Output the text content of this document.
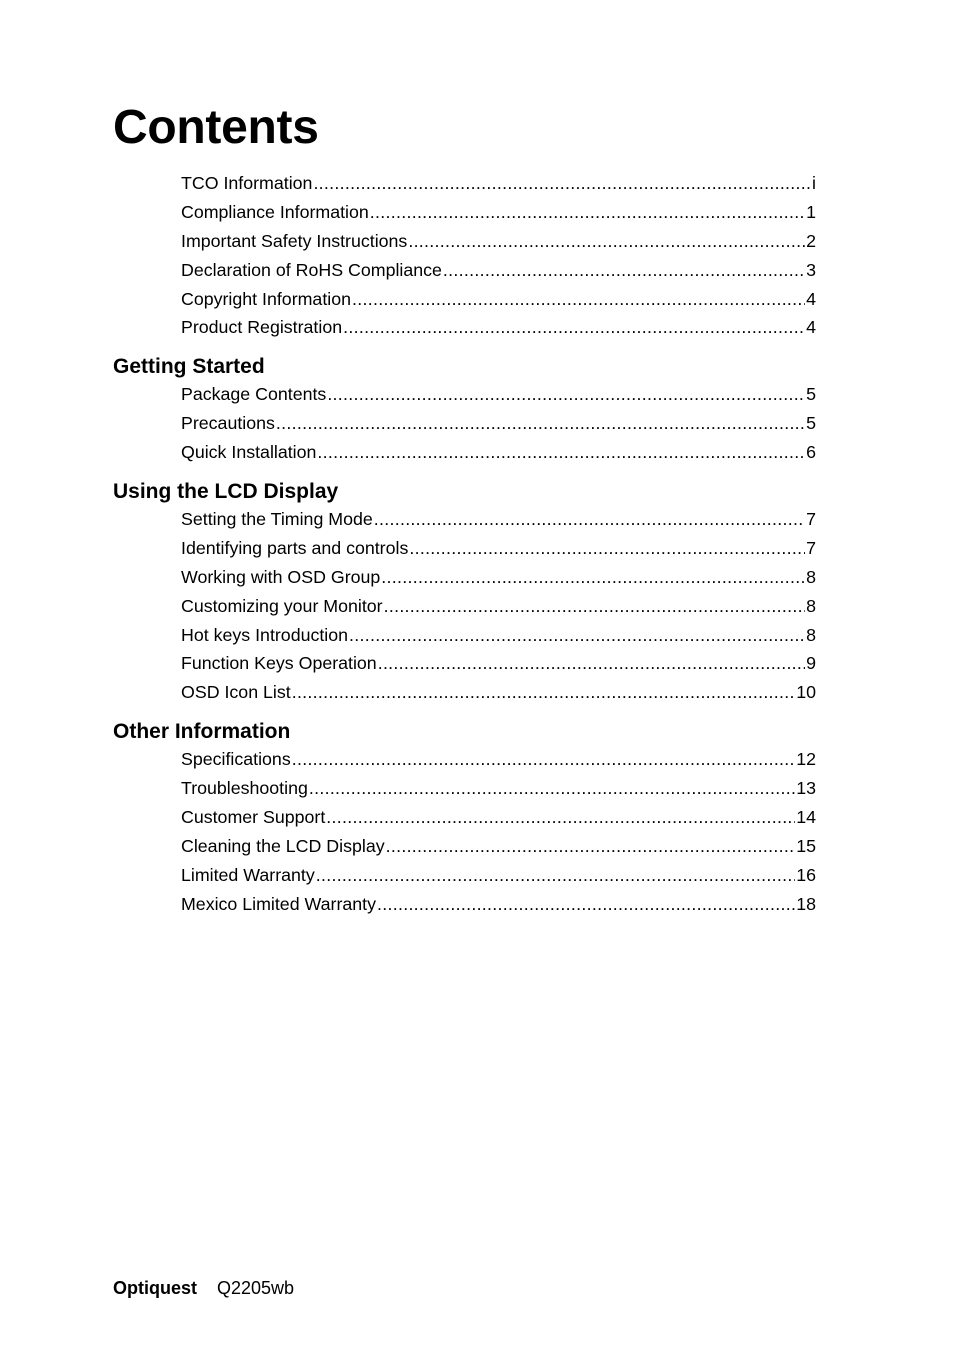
Contents
TCO Information .....	i
Compliance Information .....	1
Important Safety Instructions .....	2
Declaration of RoHS Compliance .....	3
Copyright Information .....	4
Product Registration .....	4
Getting Started
Package Contents .....	5
Precautions .....	5
Quick Installation .....	6
Using the LCD Display
Setting the Timing Mode .....	7
Identifying parts and controls .....	7
Working with OSD Group .....	8
Customizing your Monitor .....	8
Hot keys Introduction .....	8
Function Keys Operation .....	9
OSD Icon List .....	10
Other Information
Specifications .....	12
Troubleshooting .....	13
Customer Support .....	14
Cleaning the LCD Display .....	15
Limited Warranty .....	16
Mexico Limited Warranty .....	18
Optiquest Q2205wb
